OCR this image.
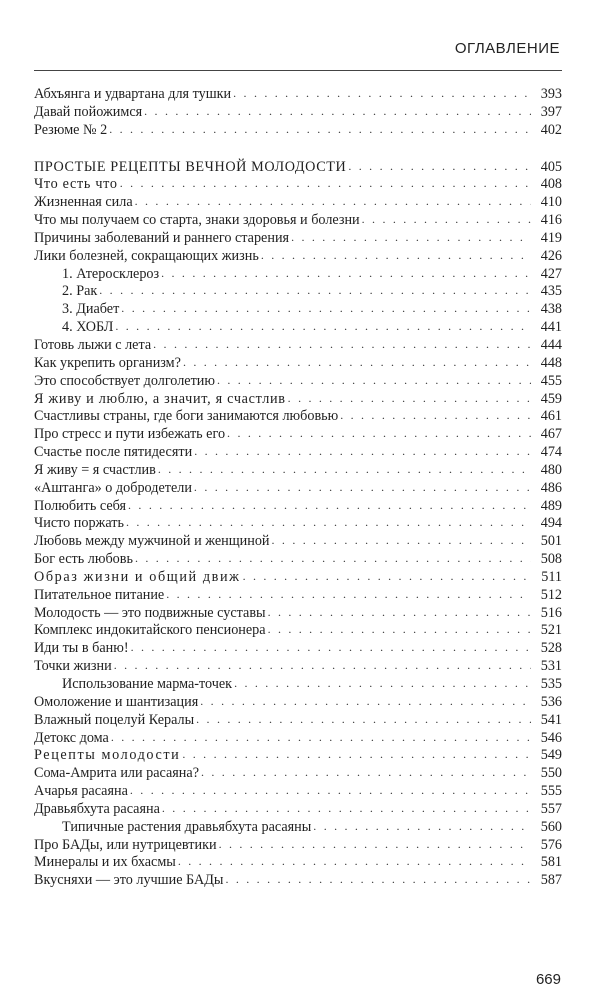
ОГЛАВЛЕНИЕ
Абхъянга и удвартана для тушки . . .	393
Давай пойожимся . . .	397
Резюме № 2 . . .	402
ПРОСТЫЕ РЕЦЕПТЫ ВЕЧНОЙ МОЛОДОСТИ . . .	405
Что есть что . . .	408
Жизненная сила . . .	410
Что мы получаем со старта, знаки здоровья и болезни . . .	416
Причины заболеваний и раннего старения . . .	419
Лики болезней, сокращающих жизнь . . .	426
1. Атеросклероз . . .	427
2. Рак . . .	435
3. Диабет . . .	438
4. ХОБЛ . . .	441
Готовь лыжи с лета . . .	444
Как укрепить организм? . . .	448
Это способствует долголетию . . .	455
Я живу и люблю, а значит, я счастлив . . .	459
Счастливы страны, где боги занимаются любовью . . .	461
Про стресс и пути избежать его . . .	467
Счастье после пятидесяти . . .	474
Я живу = я счастлив . . .	480
«Аштанга» о добродетели . . .	486
Полюбить себя . . .	489
Чисто поржать . . .	494
Любовь между мужчиной и женщиной . . .	501
Бог есть любовь . . .	508
Образ жизни и общий движ . . .	511
Питательное питание . . .	512
Молодость — это подвижные суставы . . .	516
Комплекс индокитайского пенсионера . . .	521
Иди ты в баню! . . .	528
Точки жизни . . .	531
Использование марма-точек . . .	535
Омоложение и шантизация . . .	536
Влажный поцелуй Кералы . . .	541
Детокс дома . . .	546
Рецепты молодости . . .	549
Сома-Амрита или расаяна? . . .	550
Ачарья расаяна . . .	555
Дравьябхута расаяна . . .	557
Типичные растения дравьябхута расаяны . . .	560
Про БАДы, или нутрицевтики . . .	576
Минералы и их бхасмы . . .	581
Вкусняхи — это лучшие БАДы . . .	587
669
